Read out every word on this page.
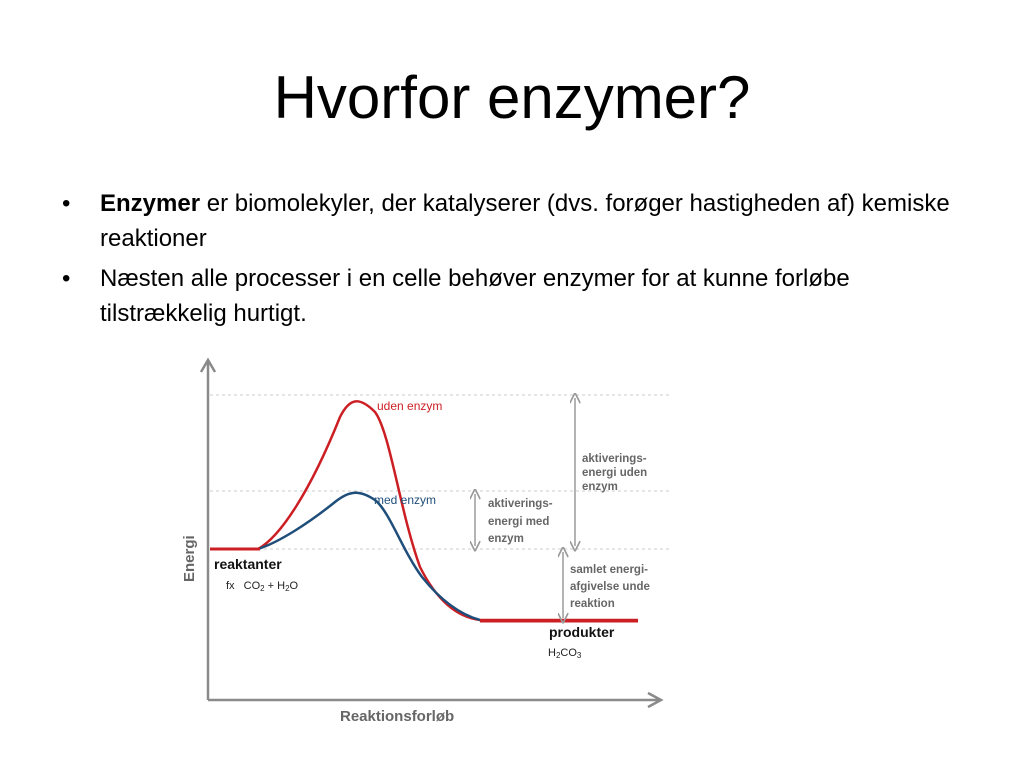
Hvorfor enzymer?
• Enzymer er biomolekyler, der katalyserer (dvs. forøger hastigheden af) kemiske reaktioner
• Næsten alle processer i en celle behøver enzymer for at kunne forløbe tilstrækkelig hurtigt.
uden enzym
med enzym
aktiverings- energi uden enzym
aktiverings- energi med enzym
samlet energi- afgivelse unde reaktion
reaktanter
fx CO2 + H2O
produkter
H2CO3
Energi
Reaktionsforløb
